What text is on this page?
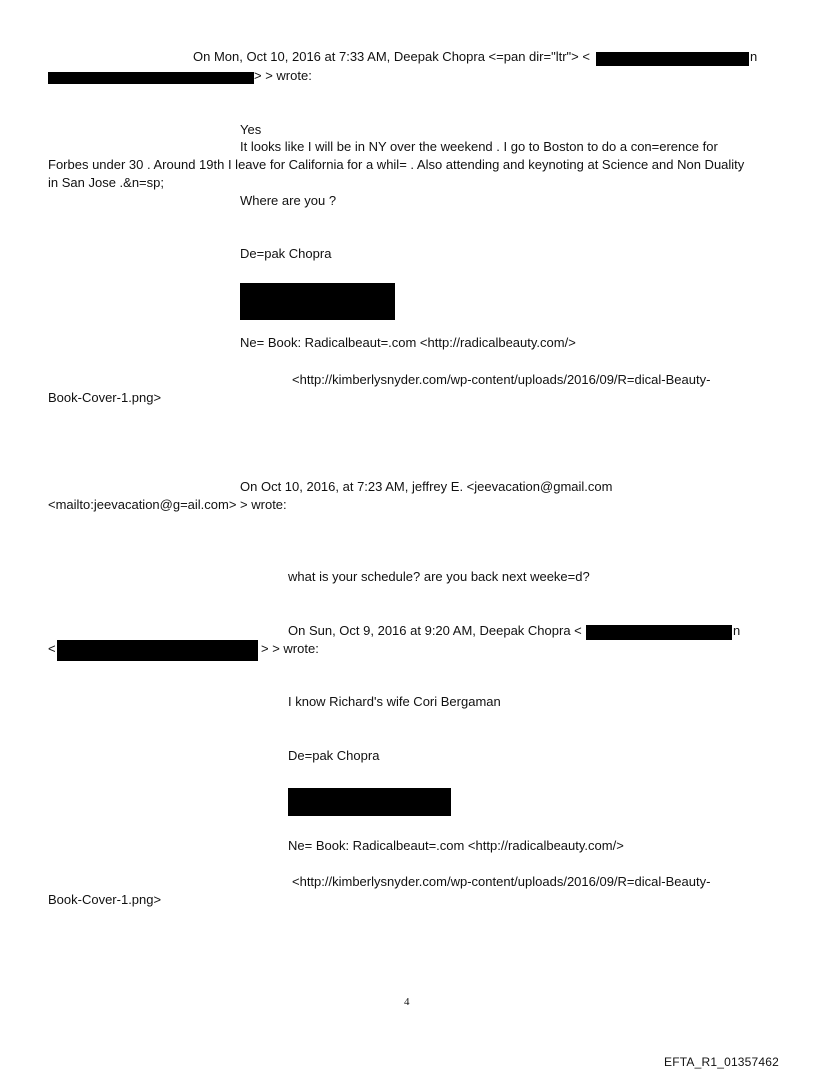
On Mon, Oct 10, 2016 at 7:33 AM, Deepak Chopra <=pan dir="ltr"> <	n
> > wrote:
Yes
It looks like I will be in NY over the weekend . I go to Boston to do a con=erence for
Forbes under 30 . Around 19th I leave for California for a whil= . Also attending and keynoting at Science and Non Duality
in San Jose .&n=sp;
Where are you ?
De=pak Chopra
Ne= Book: Radicalbeaut=.com <http://radicalbeauty.com/>
<http://kimberlysnyder.com/wp-content/uploads/2016/09/R=dical-Beauty-
Book-Cover-1.png>
On Oct 10, 2016, at 7:23 AM, jeffrey E. <jeevacation@gmail.com
<mailto:jeevacation@g=ail.com> > wrote:
what is your schedule? are you back next weeke=d?
On Sun, Oct 9, 2016 at 9:20 AM, Deepak Chopra <	n
<	> > wrote:
I know Richard's wife Cori Bergaman
De=pak Chopra
Ne= Book: Radicalbeaut=.com <http://radicalbeauty.com/>
<http://kimberlysnyder.com/wp-content/uploads/2016/09/R=dical-Beauty-
Book-Cover-1.png>
4
EFTA_R1_01357462
